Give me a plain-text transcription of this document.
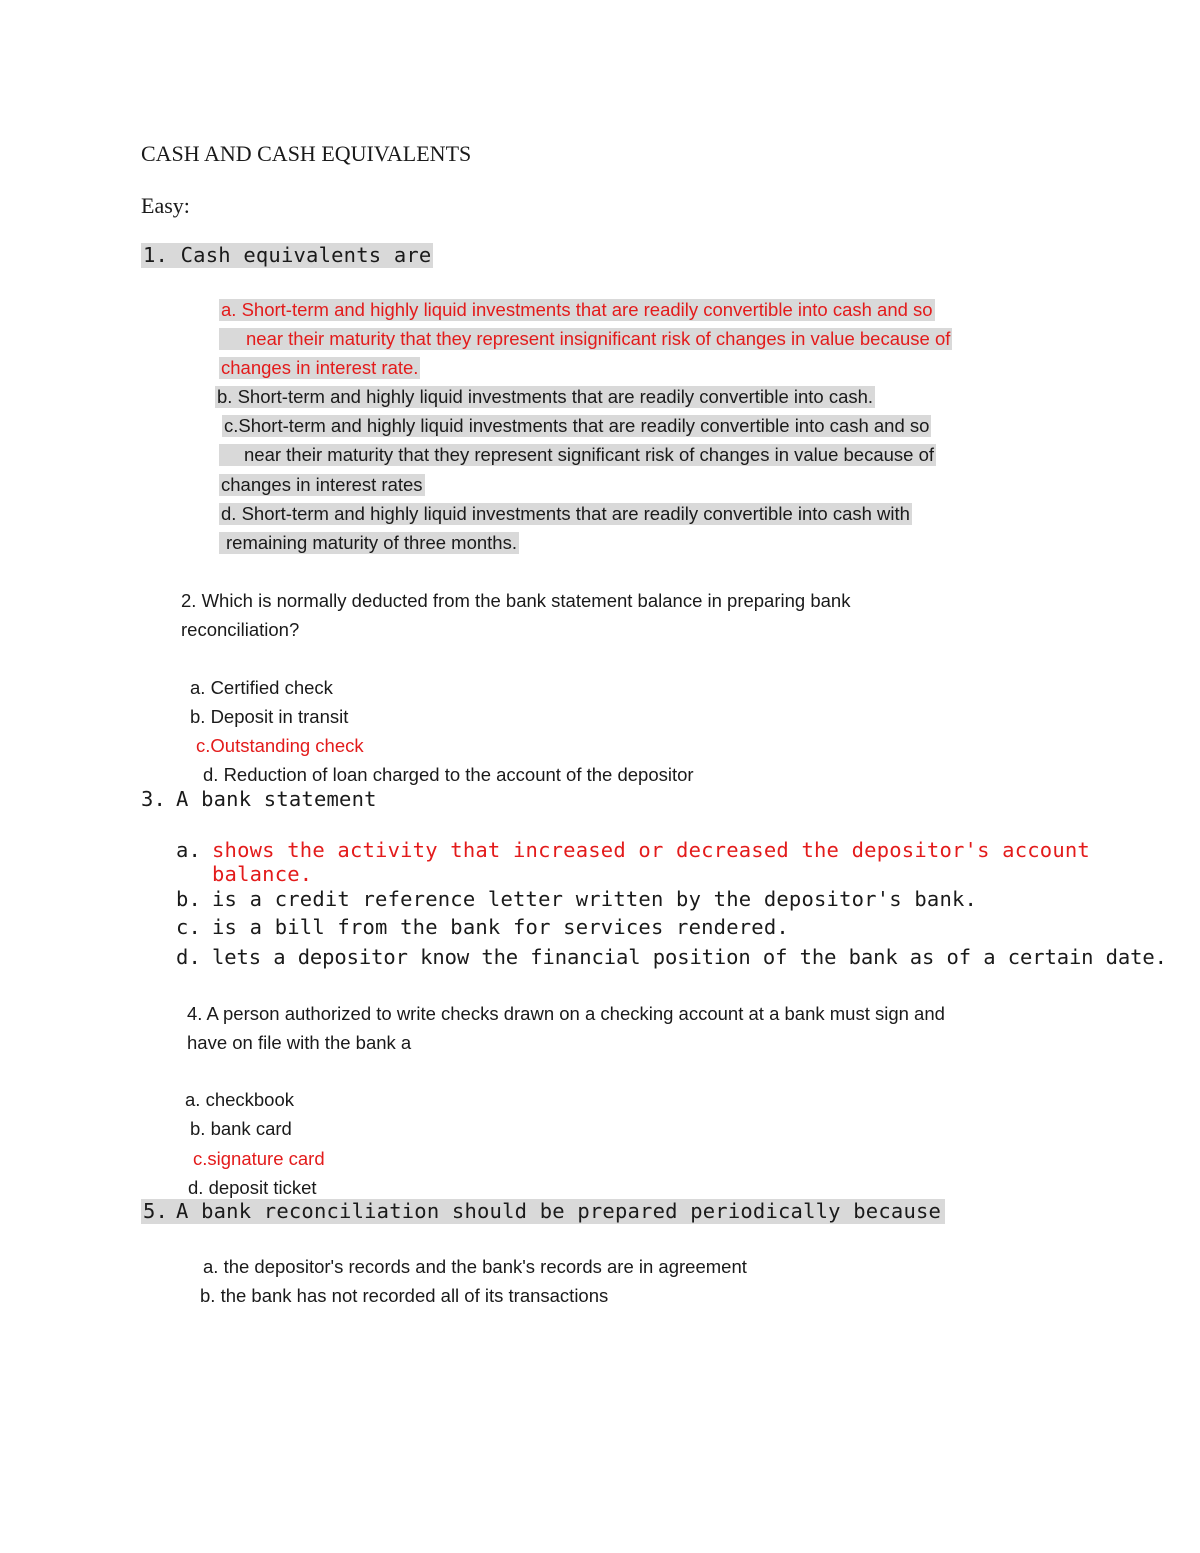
CASH AND CASH EQUIVALENTS
Easy:
1. Cash equivalents are
a. Short-term and highly liquid investments that are readily convertible into cash and so
near their maturity that they represent insignificant risk of changes in value because of
changes in interest rate.
b. Short-term and highly liquid investments that are readily convertible into cash.
c.Short-term and highly liquid investments that are readily convertible into cash and so
near their maturity that they represent significant risk of changes in value because of
changes in interest rates
d. Short-term and highly liquid investments that are readily convertible into cash with
remaining maturity of three months.
2. Which is normally deducted from the bank statement balance in preparing bank
reconciliation?
a. Certified check
b. Deposit in transit
c.Outstanding check
d. Reduction of loan charged to the account of the depositor
3. A bank statement
a. shows the activity that increased or decreased the depositor's account
balance.
b. is a credit reference letter written by the depositor's bank.
c. is a bill from the bank for services rendered.
d. lets a depositor know the financial position of the bank as of a certain date.
4. A person authorized to write checks drawn on a checking account at a bank must sign and
have on file with the bank a
a. checkbook
b. bank card
c.signature card
d. deposit ticket
5. A bank reconciliation should be prepared periodically because
a. the depositor's records and the bank's records are in agreement
b. the bank has not recorded all of its transactions
